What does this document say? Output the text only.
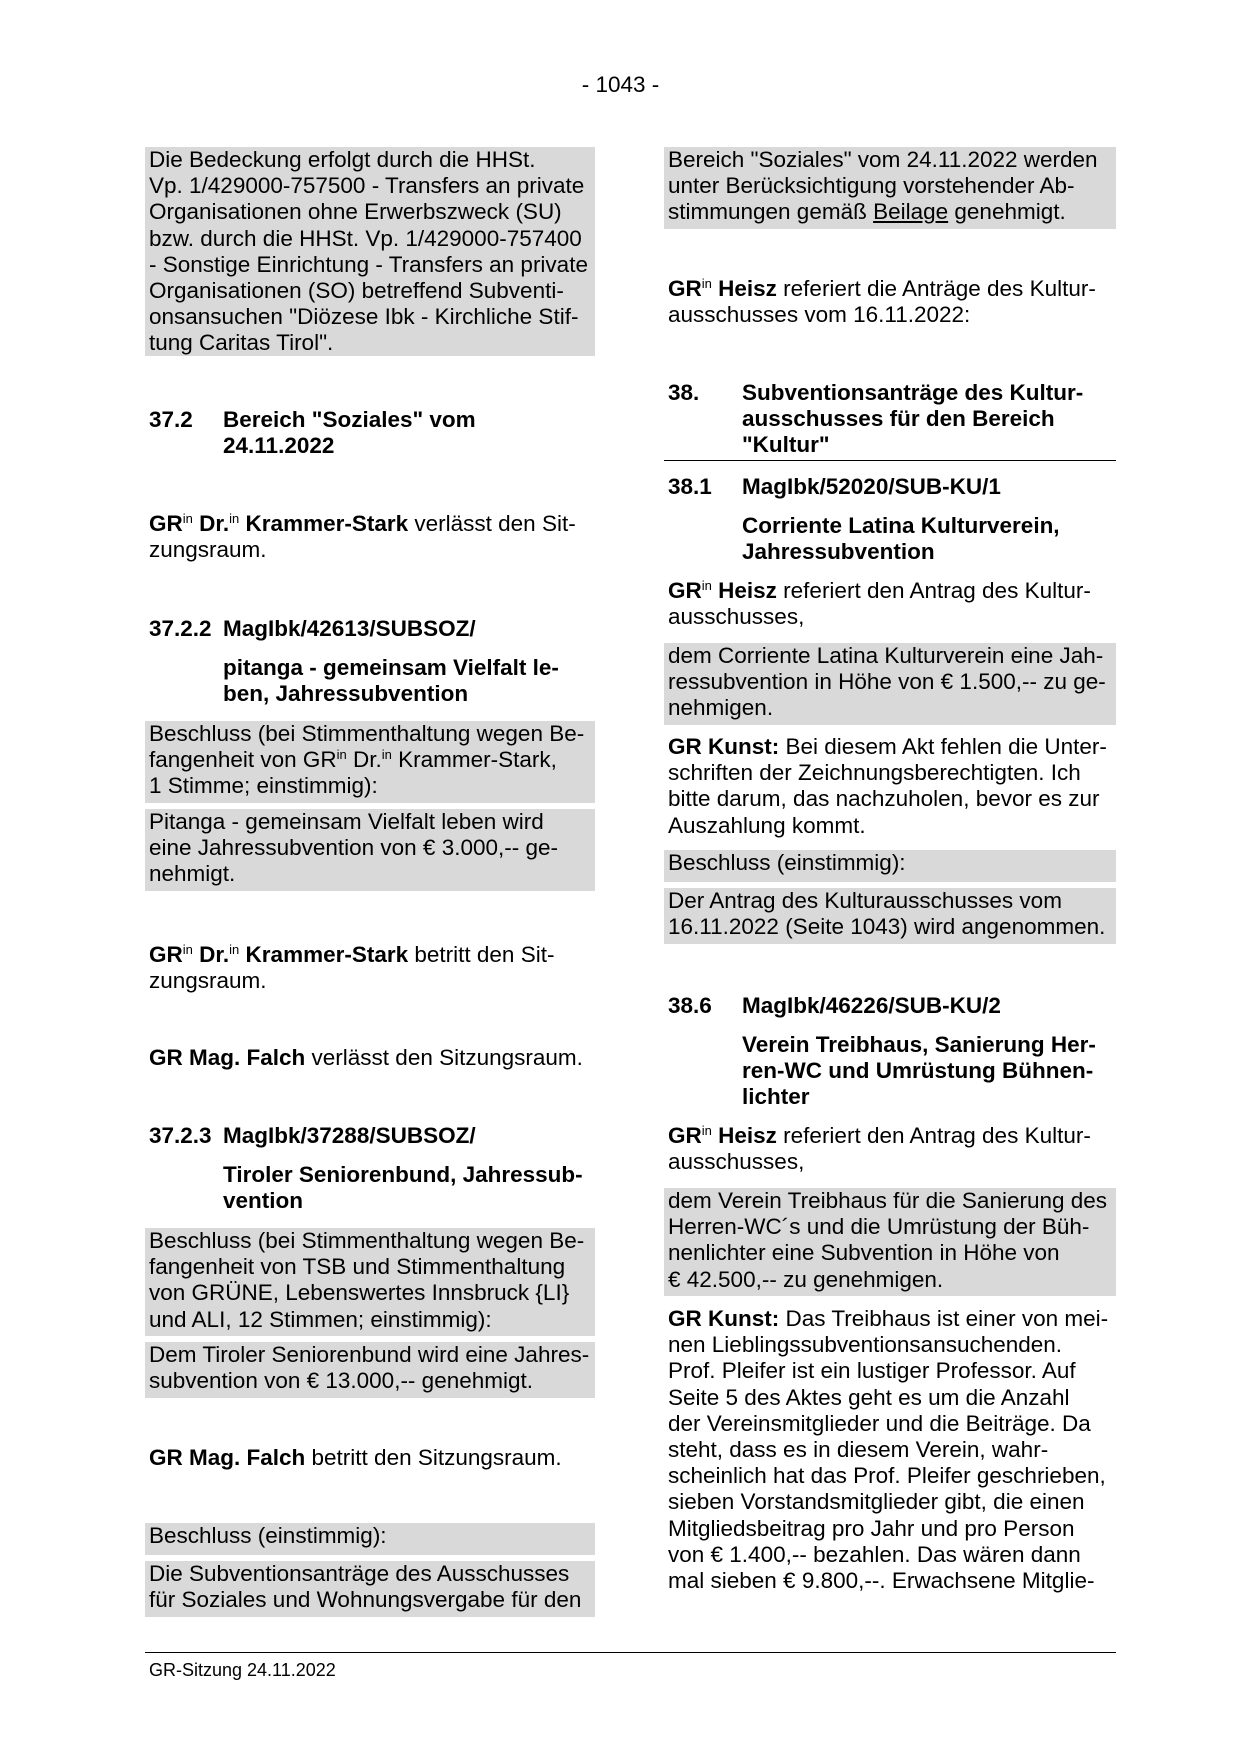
- 1043 -

Die Bedeckung erfolgt durch die HHSt.

Vp. 1/429000-757500 - Transfers an private

Organisationen ohne Erwerbszweck (SU)

bzw. durch die HHSt. Vp. 1/429000-757400

- Sonstige Einrichtung - Transfers an private

Organisationen (SO) betreffend Subventi-

onsansuchen "Diözese Ibk - Kirchliche Stif-

tung Caritas Tirol".

37.2 Bereich "Soziales" vom

24.11.2022

$GR^{in}$ Dr.$^{in}$ Krammer-Stark verlässt den Sit-

zungsraum.

37.2.2 MagIbk/42613/SUBSOZ/

pitanga - gemeinsam Vielfalt le-

ben, Jahressubvention

Beschluss (bei Stimmenthaltung wegen Be-

fangenheit von $GR^{in}$ Dr.$^{in}$ Krammer-Stark,

1 Stimme; einstimmig):

Pitanga - gemeinsam Vielfalt leben wird

eine Jahressubvention von € 3.000,-- ge-

nehmigt.

$GR^{in}$ Dr.$^{in}$ Krammer-Stark betritt den Sit-

zungsraum.

GR Mag. Falch verlässt den Sitzungsraum.

37.2.3 MagIbk/37288/SUBSOZ/

Tiroler Seniorenbund, Jahressub-

vention

Beschluss (bei Stimmenthaltung wegen Be-

fangenheit von TSB und Stimmenthaltung

von GRÜNE, Lebenswertes Innsbruck {LI}

und ALI, 12 Stimmen; einstimmig):

Dem Tiroler Seniorenbund wird eine Jahres-

subvention von € 13.000,-- genehmigt.

GR Mag. Falch betritt den Sitzungsraum.

Beschluss (einstimmig):

Die Subventionsanträge des Ausschusses

für Soziales und Wohnungsvergabe für den

Bereich "Soziales" vom 24.11.2022 werden

unter Berücksichtigung vorstehender Ab-

stimmungen gemäß Beilage genehmigt.

$GR^{in}$ Heisz referiert die Anträge des Kultur-

ausschusses vom 16.11.2022:

38. Subventionsanträge des Kultur-

ausschusses für den Bereich

"Kultur"

38.1 MagIbk/52020/SUB-KU/1

Corriente Latina Kulturverein,

Jahressubvention

$GR^{in}$ Heisz referiert den Antrag des Kultur-

ausschusses,

dem Corriente Latina Kulturverein eine Jah-

ressubvention in Höhe von € 1.500,-- zu ge-

nehmigen.

GR Kunst: Bei diesem Akt fehlen die Unter-

schriften der Zeichnungsberechtigten. Ich

bitte darum, das nachzuholen, bevor es zur

Auszahlung kommt.

Beschluss (einstimmig):

Der Antrag des Kulturausschusses vom

16.11.2022 (Seite 1043) wird angenommen.

38.6 MagIbk/46226/SUB-KU/2

Verein Treibhaus, Sanierung Her-

ren-WC und Umrüstung Bühnen-

lichter

$GR^{in}$ Heisz referiert den Antrag des Kultur-

ausschusses,

dem Verein Treibhaus für die Sanierung des

Herren-WC´s und die Umrüstung der Büh-

nenlichter eine Subvention in Höhe von

€ 42.500,-- zu genehmigen.

GR Kunst: Das Treibhaus ist einer von mei-

nen Lieblingssubventionsansuchenden.

Prof. Pleifer ist ein lustiger Professor. Auf

Seite 5 des Aktes geht es um die Anzahl

der Vereinsmitglieder und die Beiträge. Da

steht, dass es in diesem Verein, wahr-

scheinlich hat das Prof. Pleifer geschrieben,

sieben Vorstandsmitglieder gibt, die einen

Mitgliedsbeitrag pro Jahr und pro Person

von € 1.400,-- bezahlen. Das wären dann

mal sieben € 9.800,--. Erwachsene Mitglie-

GR-Sitzung 24.11.2022
